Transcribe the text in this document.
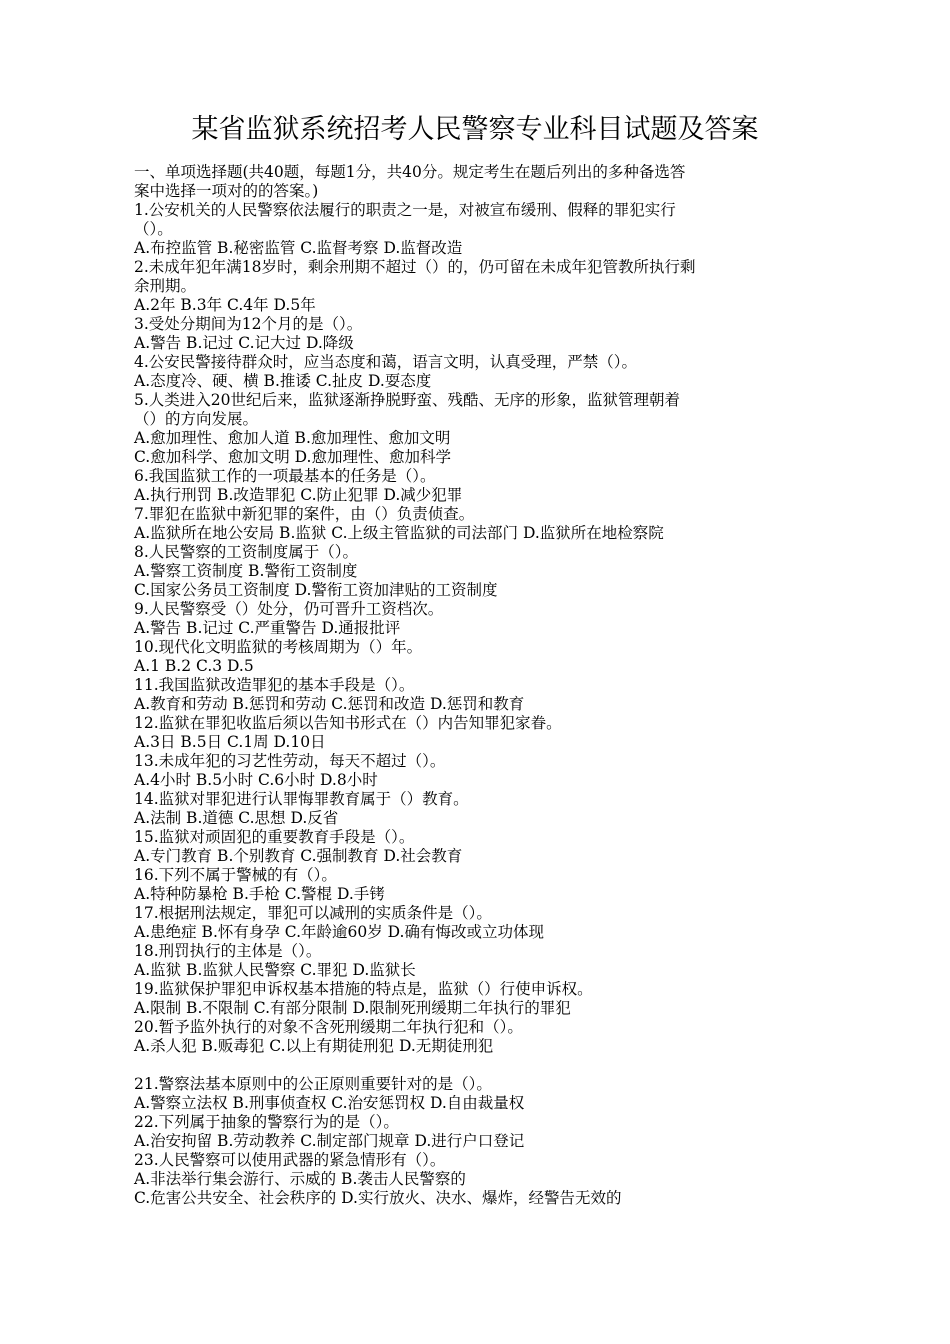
某省监狱系统招考人民警察专业科目试题及答案
一、单项选择题(共40题，每题1分，共40分。规定考生在题后列出的多种备选答
案中选择一项对的的答案。)
1.公安机关的人民警察依法履行的职责之一是，对被宣布缓刑、假释的罪犯实行
（）。
A.布控监管 B.秘密监管 C.监督考察 D.监督改造
2.未成年犯年满18岁时，剩余刑期不超过（）的，仍可留在未成年犯管教所执行剩
余刑期。
A.2年 B.3年 C.4年 D.5年
3.受处分期间为12个月的是（）。
A.警告 B.记过 C.记大过 D.降级
4.公安民警接待群众时，应当态度和蔼，语言文明，认真受理，严禁（）。
A.态度冷、硬、横 B.推诿 C.扯皮 D.耍态度
5.人类进入20世纪后来，监狱逐渐挣脱野蛮、残酷、无序的形象，监狱管理朝着
（）的方向发展。
A.愈加理性、愈加人道 B.愈加理性、愈加文明
C.愈加科学、愈加文明 D.愈加理性、愈加科学
6.我国监狱工作的一项最基本的任务是（）。
A.执行刑罚 B.改造罪犯 C.防止犯罪 D.减少犯罪
7.罪犯在监狱中新犯罪的案件，由（）负责侦查。
A.监狱所在地公安局 B.监狱 C.上级主管监狱的司法部门 D.监狱所在地检察院
8.人民警察的工资制度属于（）。
A.警察工资制度 B.警衔工资制度
C.国家公务员工资制度 D.警衔工资加津贴的工资制度
9.人民警察受（）处分，仍可晋升工资档次。
A.警告 B.记过 C.严重警告 D.通报批评
10.现代化文明监狱的考核周期为（）年。
A.1 B.2 C.3 D.5
11.我国监狱改造罪犯的基本手段是（）。
A.教育和劳动 B.惩罚和劳动 C.惩罚和改造 D.惩罚和教育
12.监狱在罪犯收监后须以告知书形式在（）内告知罪犯家眷。
A.3日 B.5日 C.1周 D.10日
13.未成年犯的习艺性劳动，每天不超过（）。
A.4小时 B.5小时 C.6小时 D.8小时
14.监狱对罪犯进行认罪悔罪教育属于（）教育。
A.法制 B.道德 C.思想 D.反省
15.监狱对顽固犯的重要教育手段是（）。
A.专门教育 B.个别教育 C.强制教育 D.社会教育
16.下列不属于警械的有（）。
A.特种防暴枪 B.手枪 C.警棍 D.手铐
17.根据刑法规定，罪犯可以减刑的实质条件是（）。
A.患绝症 B.怀有身孕 C.年龄逾60岁 D.确有悔改或立功体现
18.刑罚执行的主体是（）。
A.监狱 B.监狱人民警察 C.罪犯 D.监狱长
19.监狱保护罪犯申诉权基本措施的特点是，监狱（）行使申诉权。
A.限制 B.不限制 C.有部分限制 D.限制死刑缓期二年执行的罪犯
20.暂予监外执行的对象不含死刑缓期二年执行犯和（）。
A.杀人犯 B.贩毒犯 C.以上有期徒刑犯 D.无期徒刑犯
21.警察法基本原则中的公正原则重要针对的是（）。
A.警察立法权 B.刑事侦查权 C.治安惩罚权 D.自由裁量权
22.下列属于抽象的警察行为的是（）。
A.治安拘留 B.劳动教养 C.制定部门规章 D.进行户口登记
23.人民警察可以使用武器的紧急情形有（）。
A.非法举行集会游行、示威的 B.袭击人民警察的
C.危害公共安全、社会秩序的 D.实行放火、决水、爆炸，经警告无效的
